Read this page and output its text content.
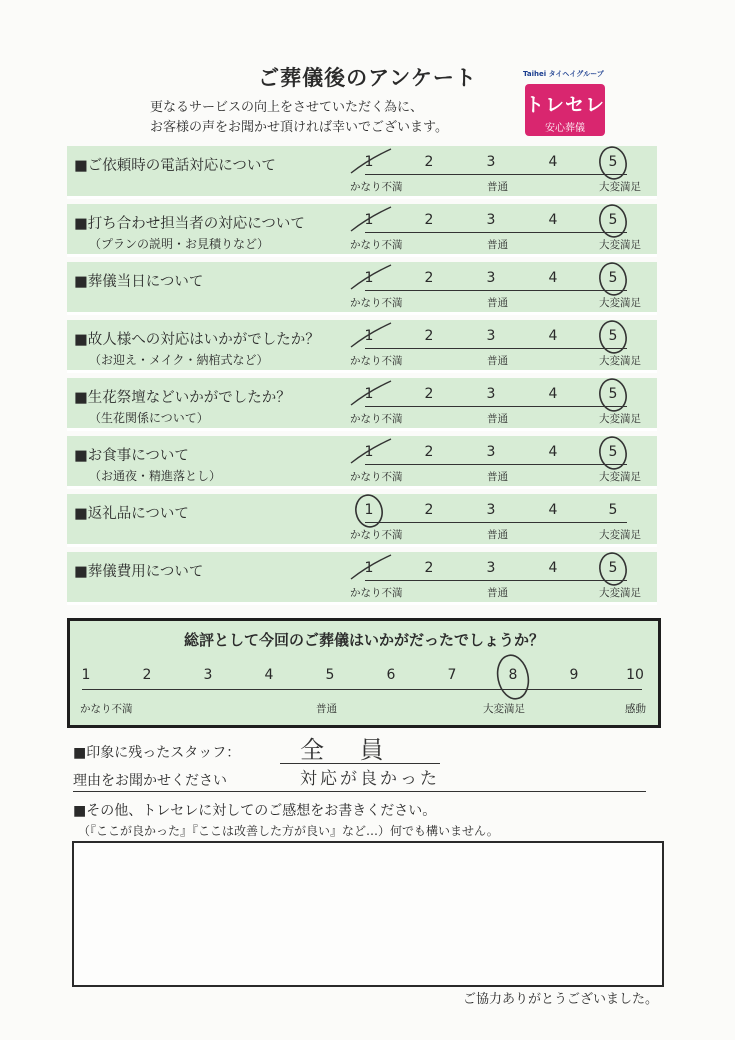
ご葬儀後のアンケート
更なるサービスの向上をさせていただく為に、
お客様の声をお聞かせ頂ければ幸いでございます。
Taihei タイヘイグループ
トレセレ
安心葬儀
■ご依頼時の電話対応について	1	2	3	4	5
かなり不満	普通	大変満足
■打ち合わせ担当者の対応について
（プランの説明・お見積りなど）
1	2	3	4	5
かなり不満	普通	大変満足
■葬儀当日について	1	2	3	4	5
かなり不満	普通	大変満足
■故人様への対応はいかがでしたか？
（お迎え・メイク・納棺式など）
1	2	3	4	5
かなり不満	普通	大変満足
■生花祭壇などいかがでしたか？
（生花関係について）
1	2	3	4	5
かなり不満	普通	大変満足
■お食事について
（お通夜・精進落とし）
1	2	3	4	5
かなり不満	普通	大変満足
■返礼品について	1	2	3	4	5
かなり不満	普通	大変満足
■葬儀費用について	1	2	3	4	5
かなり不満	普通	大変満足
総評として今回のご葬儀はいかがだったでしょうか？
1	2	3	4	5	6	7	8	9	10
かなり不満	普通	大変満足	感動
■印象に残ったスタッフ： 全 員
理由をお聞かせください	対応が良かった
■その他、トレセレに対してのご感想をお書きください。
（『ここが良かった』『ここは改善した方が良い』など…）何でも構いません。
ご協力ありがとうございました。
